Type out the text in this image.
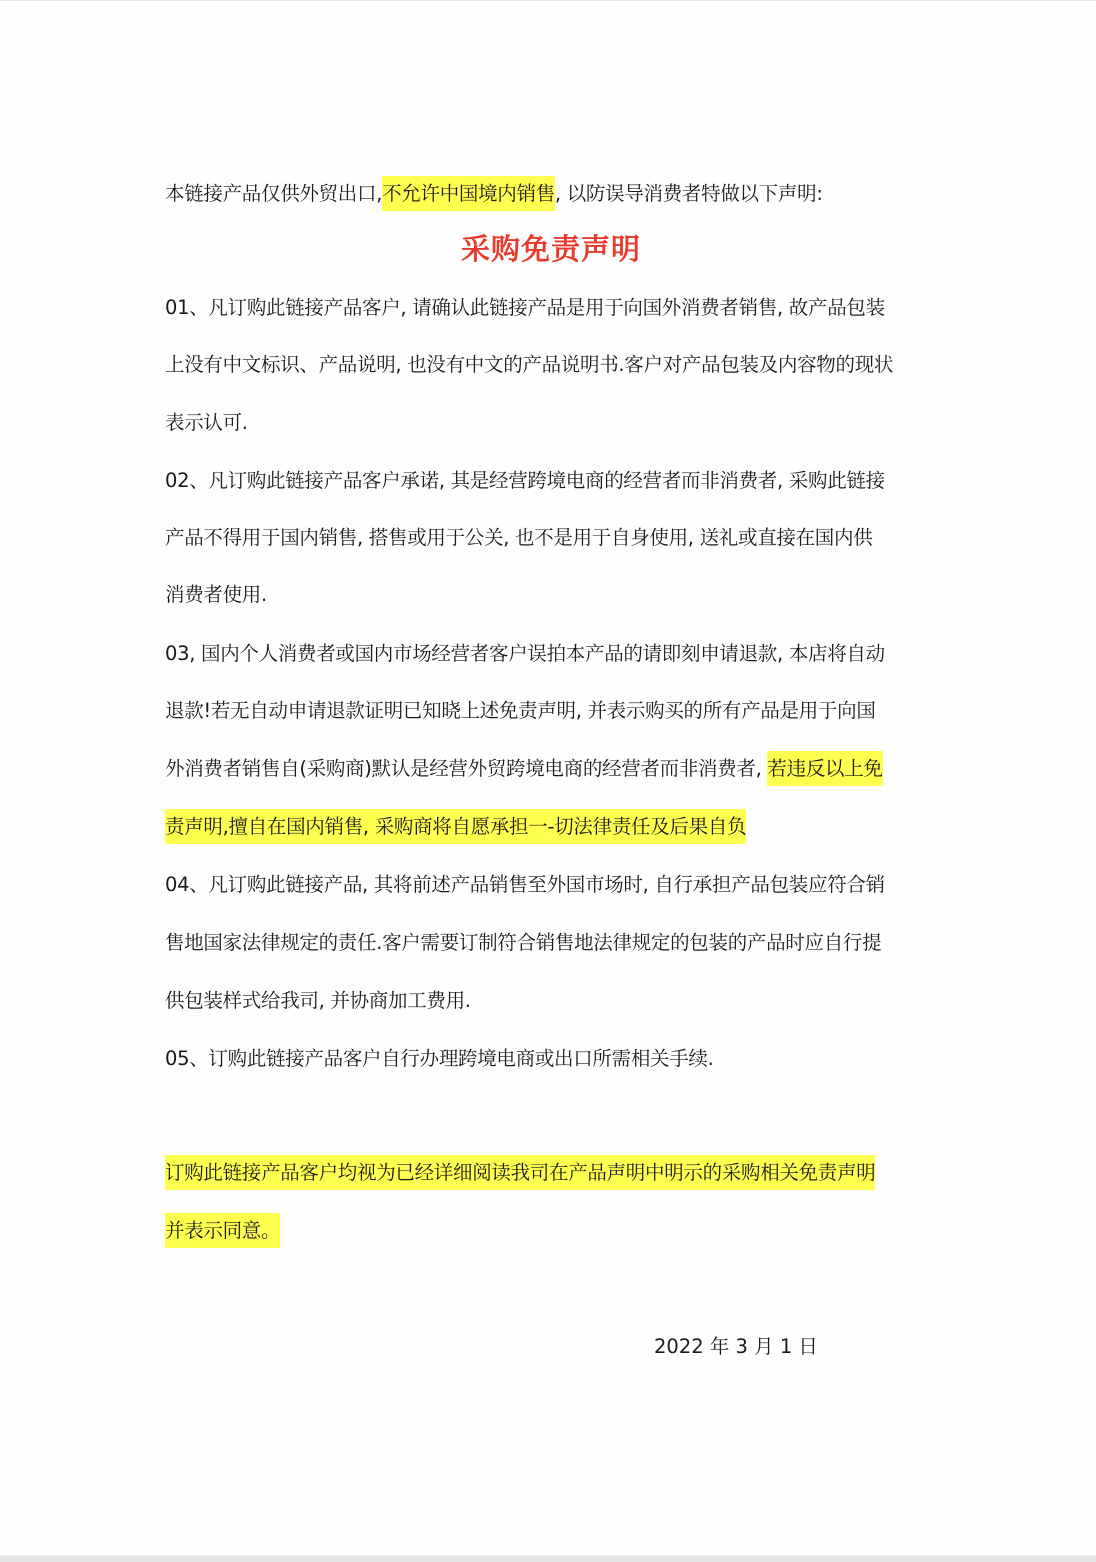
本链接产品仅供外贸出口,不允许中国境内销售, 以防误导消费者特做以下声明:
采购免责声明
01、凡订购此链接产品客户, 请确认此链接产品是用于向国外消费者销售, 故产品包装
上没有中文标识、产品说明, 也没有中文的产品说明书.客户对产品包装及内容物的现状
表示认可.
02、凡订购此链接产品客户承诺, 其是经营跨境电商的经营者而非消费者, 采购此链接
产品不得用于国内销售, 搭售或用于公关, 也不是用于自身使用, 送礼或直接在国内供
消费者使用.
03, 国内个人消费者或国内市场经营者客户误拍本产品的请即刻申请退款, 本店将自动
退款!若无自动申请退款证明已知晓上述免责声明, 并表示购买的所有产品是用于向国
外消费者销售自(采购商)默认是经营外贸跨境电商的经营者而非消费者, 若违反以上免
责声明,擅自在国内销售, 采购商将自愿承担一-切法律责任及后果自负
04、凡订购此链接产品, 其将前述产品销售至外国市场时, 自行承担产品包装应符合销
售地国家法律规定的责任.客户需要订制符合销售地法律规定的包装的产品时应自行提
供包装样式给我司, 并协商加工费用.
05、订购此链接产品客户自行办理跨境电商或出口所需相关手续.
订购此链接产品客户均视为已经详细阅读我司在产品声明中明示的采购相关免责声明
并表示同意。
2022 年 3 月 1 日
